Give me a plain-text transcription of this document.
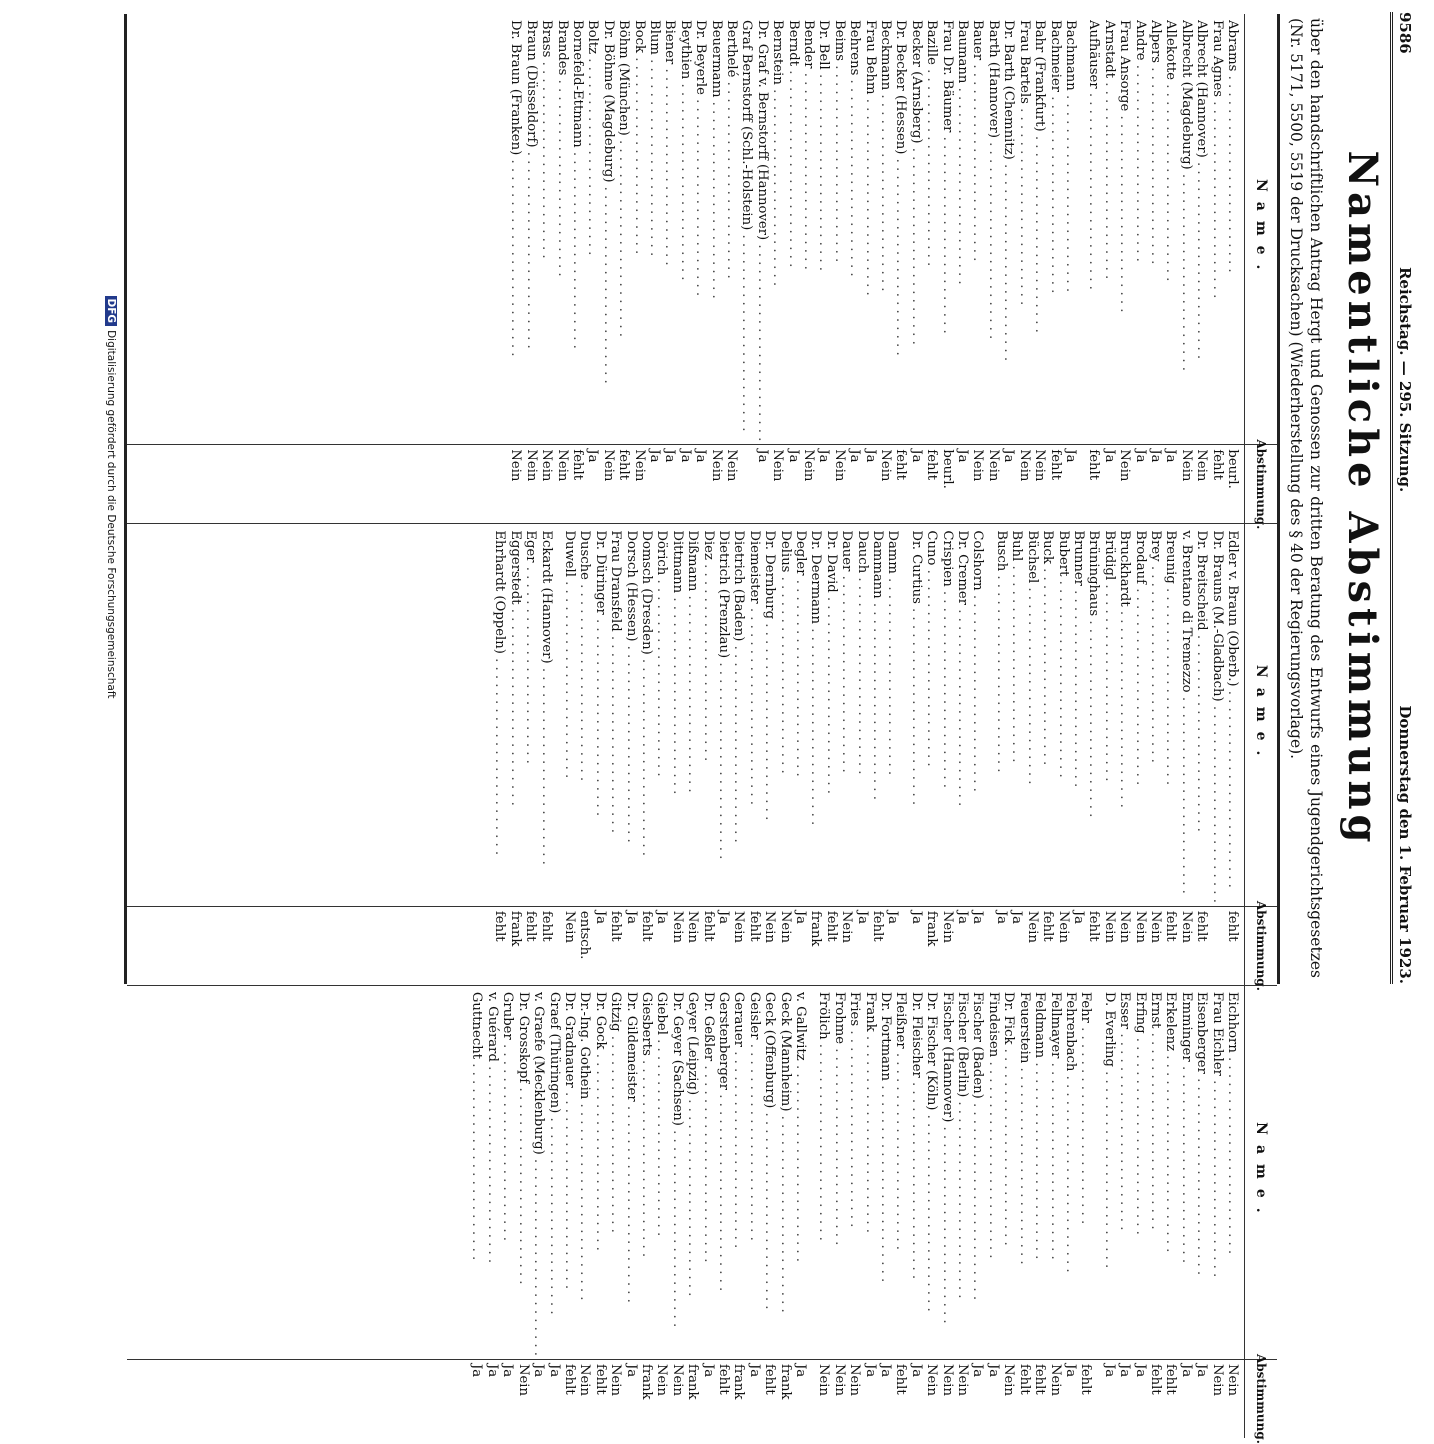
9586
Reichstag. — 295. Sitzung.
Donnerstag den 1. Februar 1923.
Namentliche Abstimmung
über den handschriftlichen Antrag Hergt und Genossen zur dritten Beratung des Entwurfs eines Jugendgerichtsgesetzes (Nr. 5171, 5500, 5519 der Drucksachen) (Wiederherstellung des § 40 der Regierungsvorlage).
Name.
Abstimmung.
Abrams . . .
beurl.
Frau Agnes . . .
fehlt
Albrecht (Hannover) . . .
Nein
Albrecht (Magdeburg) . . .
Nein
Allekotte . . .
Ja
Alpers . . .
Ja
Andre . . .
Ja
Frau Ansorge . . .
Nein
Arnstadt . . .
Ja
Aufhäuser . . .
fehlt
Bachmann . . .
Ja
Bachmeier . . .
fehlt
Bahr (Frankfurt) . . .
Nein
Frau Bartels . . .
Nein
Dr. Barth (Chemnitz) . . .
Ja
Barth (Hannover) . . .
Nein
Bauer . . .
Nein
Baumann . . .
Ja
Frau Dr. Bäumer . . .
beurl.
Bazille . . .
fehlt
Becker (Arnsberg) . . .
Ja
Dr. Becker (Hessen) . . .
fehlt
Beckmann . . .
Nein
Frau Behm . . .
Ja
Behrens . . .
Ja
Beims . . .
Nein
Dr. Bell . . .
Ja
Bender . . .
Nein
Berndt . . .
Ja
Bernstein . . .
Nein
Dr. Graf v. Bernstorff (Hannover) . . .
Ja
Graf Bernstorff (Schl.-Holstein) . . .
Berthelé . . .
Nein
Beuermann . . .
Nein
Dr. Beyerle . . .
Ja
Beythien . . .
Ja
Biener . . .
Ja
Blum . . .
Ja
Bock . . .
Nein
Böhm (München) . . .
fehlt
Dr. Böhme (Magdeburg) . . .
Nein
Boltz . . .
Ja
Bornefeld-Ettmann . . .
fehlt
Brandes . . .
Nein
Brass . . .
Nein
Braun (Düsseldorf) . . .
Nein
Dr. Braun (Franken) . . .
Nein
Name.
Abstimmung.
Edler v. Braun (Oberb.) . . .
fehlt
Dr. Brauns (M.-Gladbach) . . .
Dr. Breitscheid . . .
fehlt
v. Brentano di Tremezzo . . .
Nein
Breunig . . .
fehlt
Brey . . .
Nein
Brodauf . . .
Nein
Bruckhardt . . .
Nein
Brüdigl . . .
Nein
Brüninghaus . . .
fehlt
Brunner . . .
Ja
Bubert . . .
Nein
Buck . . .
fehlt
Büchsel . . .
Nein
Buhl . . .
Ja
Busch . . .
Ja
Colshorn . . .
Ja
Dr. Cremer . . .
Ja
Crispien . . .
Nein
Cuno . . .
frank
Dr. Curtius . . .
Ja
Damm . . .
Ja
Dammann . . .
fehlt
Dauch . . .
Ja
Dauer . . .
Nein
Dr. David . . .
fehlt
Dr. Deermann . . .
frank
Degler . . .
Ja
Delius . . .
Nein
Dr. Dernburg . . .
Nein
Diemeister . . .
fehlt
Dietrich (Baden) . . .
Nein
Dietrich (Prenzlau) . . .
Ja
Diez . . .
fehlt
Dißmann . . .
Nein
Dittmann . . .
Nein
Dörich . . .
Ja
Domsch (Dresden) . . .
fehlt
Dorsch (Hessen) . . .
Ja
Frau Dransfeld . . .
fehlt
Dr. Düringer . . .
Ja
Dusche . . .
entsch.
Duwell . . .
Nein
Eckardt (Hannover) . . .
fehlt
Eger . . .
fehlt
Eggerstedt . . .
frank
Ehrhardt (Oppeln) . . .
fehlt
Name.
Abstimmung.
Eichhorn . . .
Nein
Frau Eichler . . .
Nein
Eisenberger . . .
Ja
Emminger . . .
Ja
Erkelenz . . .
fehlt
Ernst . . .
fehlt
Erfing . . .
Ja
Esser . . .
Ja
D. Everling . . .
Ja
Fehr . . .
fehlt
Fehrenbach . . .
Ja
Fellmayer . . .
Nein
Feldmann . . .
fehlt
Feuerstein . . .
fehlt
Dr. Fick . . .
Nein
Findeisen . . .
Ja
Fischer (Baden) . . .
Ja
Fischer (Berlin) . . .
Nein
Fischer (Hannover) . . .
Nein
Dr. Fischer (Köln) . . .
Nein
Dr. Fleischer . . .
Ja
Fleißner . . .
fehlt
Dr. Fortmann . . .
Ja
Frank . . .
Ja
Fries . . .
Nein
Frohme . . .
Nein
Frölich . . .
Nein
v. Gallwitz . . .
Ja
Geck (Mannheim) . . .
frank
Geck (Offenburg) . . .
fehlt
Geisler . . .
Ja
Gerauer . . .
frank
Gerstenberger . . .
fehlt
Dr. Geßler . . .
Ja
Geyer (Leipzig) . . .
frank
Dr. Geyer (Sachsen) . . .
Nein
Giebel . . .
Nein
Giesberts . . .
frank
Dr. Gildemeister . . .
Ja
Gitzig . . .
Nein
Dr. Gock . . .
fehlt
Dr.-Ing. Gothein . . .
Nein
Dr. Gradnauer . . .
fehlt
Graef (Thüringen) . . .
Ja
v. Graefe (Mecklenburg) . . .
Ja
Dr. Grosskopf . . .
Nein
Gruber . . .
Ja
v. Guérard . . .
Ja
Guttnecht . . .
Ja
DFGDigitalisierung gefördert durch die Deutsche Forschungsgemeinschaft
